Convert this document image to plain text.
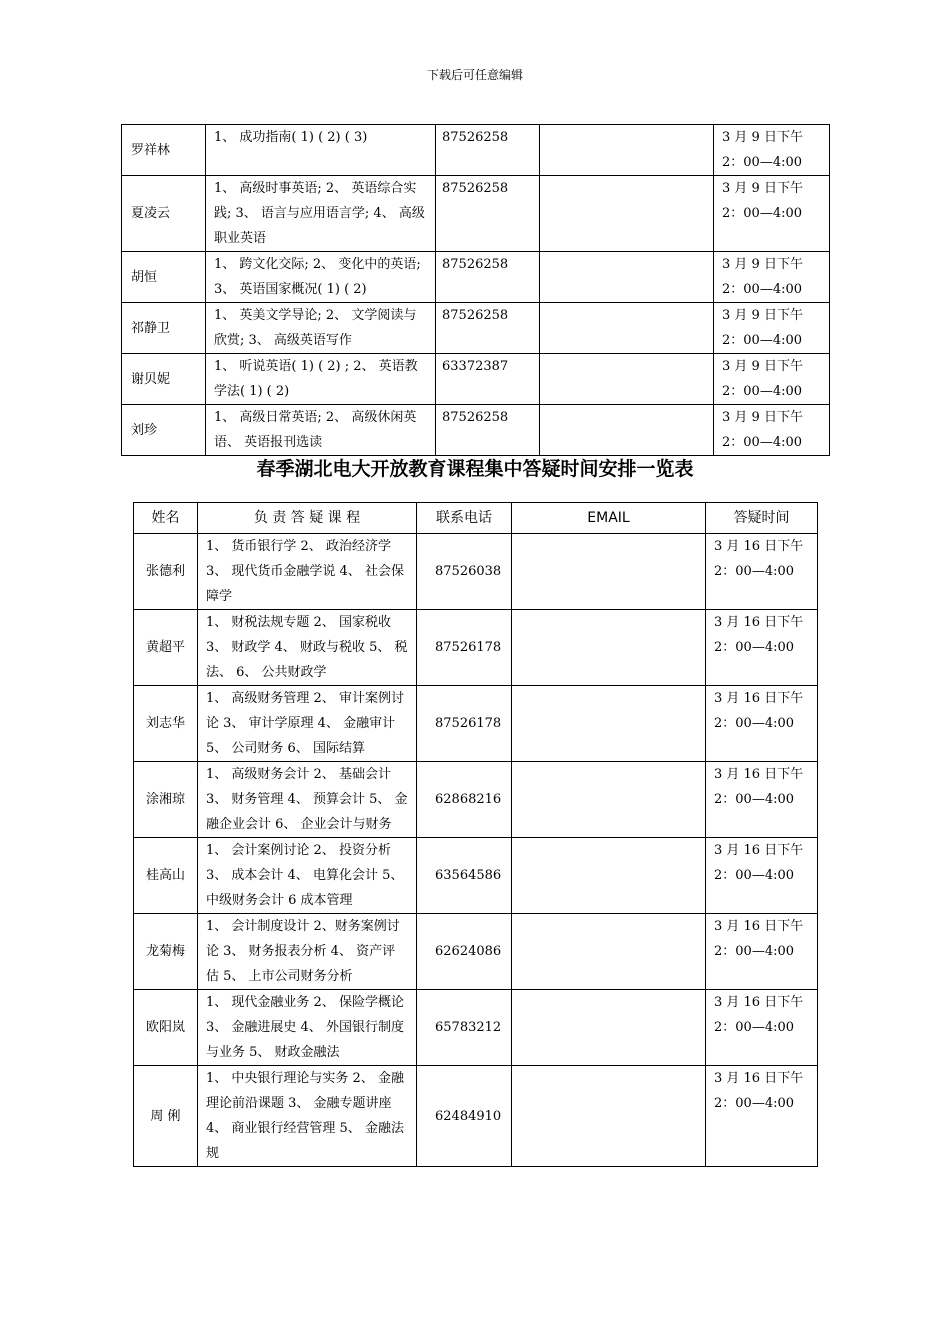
下载后可任意编辑
罗祥林	1、 成功指南( 1) ( 2) ( 3)	87526258		3 月 9 日下午 2：00—4:00
夏凌云	1、 高级时事英语; 2、 英语综合实践; 3、 语言与应用语言学; 4、 高级职业英语	87526258		3 月 9 日下午 2：00—4:00
胡恒	1、 跨文化交际; 2、 变化中的英语; 3、 英语国家概况( 1) ( 2)	87526258		3 月 9 日下午 2：00—4:00
祁静卫	1、 英美文学导论; 2、 文学阅读与欣赏; 3、 高级英语写作	87526258		3 月 9 日下午 2：00—4:00
谢贝妮	1、 听说英语( 1) ( 2) ; 2、 英语教学法( 1) ( 2)	63372387		3 月 9 日下午 2：00—4:00
刘珍	1、 高级日常英语; 2、 高级休闲英语、 英语报刊选读	87526258		3 月 9 日下午 2：00—4:00
春季湖北电大开放教育课程集中答疑时间安排一览表
姓名	负 责 答 疑 课 程	联系电话	EMAIL	答疑时间
张德利	1、 货币银行学 2、 政治经济学 3、 现代货币金融学说 4、 社会保障学	87526038		3 月 16 日下午 2：00—4:00
黄超平	1、 财税法规专题 2、 国家税收 3、 财政学 4、 财政与税收 5、 税法、 6、 公共财政学	87526178		3 月 16 日下午 2：00—4:00
刘志华	1、 高级财务管理 2、 审计案例讨论 3、 审计学原理 4、 金融审计 5、 公司财务 6、 国际结算	87526178		3 月 16 日下午 2：00—4:00
涂湘琼	1、 高级财务会计 2、 基础会计 3、 财务管理 4、 预算会计 5、 金融企业会计 6、 企业会计与财务	62868216		3 月 16 日下午 2：00—4:00
桂高山	1、 会计案例讨论 2、 投资分析 3、 成本会计 4、 电算化会计 5、 中级财务会计 6 成本管理	63564586		3 月 16 日下午 2：00—4:00
龙菊梅	1、 会计制度设计 2、财务案例讨论 3、 财务报表分析 4、 资产评估 5、 上市公司财务分析	62624086		3 月 16 日下午 2：00—4:00
欧阳岚	1、 现代金融业务 2、 保险学概论 3、 金融进展史 4、 外国银行制度与业务 5、 财政金融法	65783212		3 月 16 日下午 2：00—4:00
周 俐	1、 中央银行理论与实务 2、 金融理论前沿课题 3、 金融专题讲座 4、 商业银行经营管理 5、 金融法规	62484910		3 月 16 日下午 2：00—4:00
